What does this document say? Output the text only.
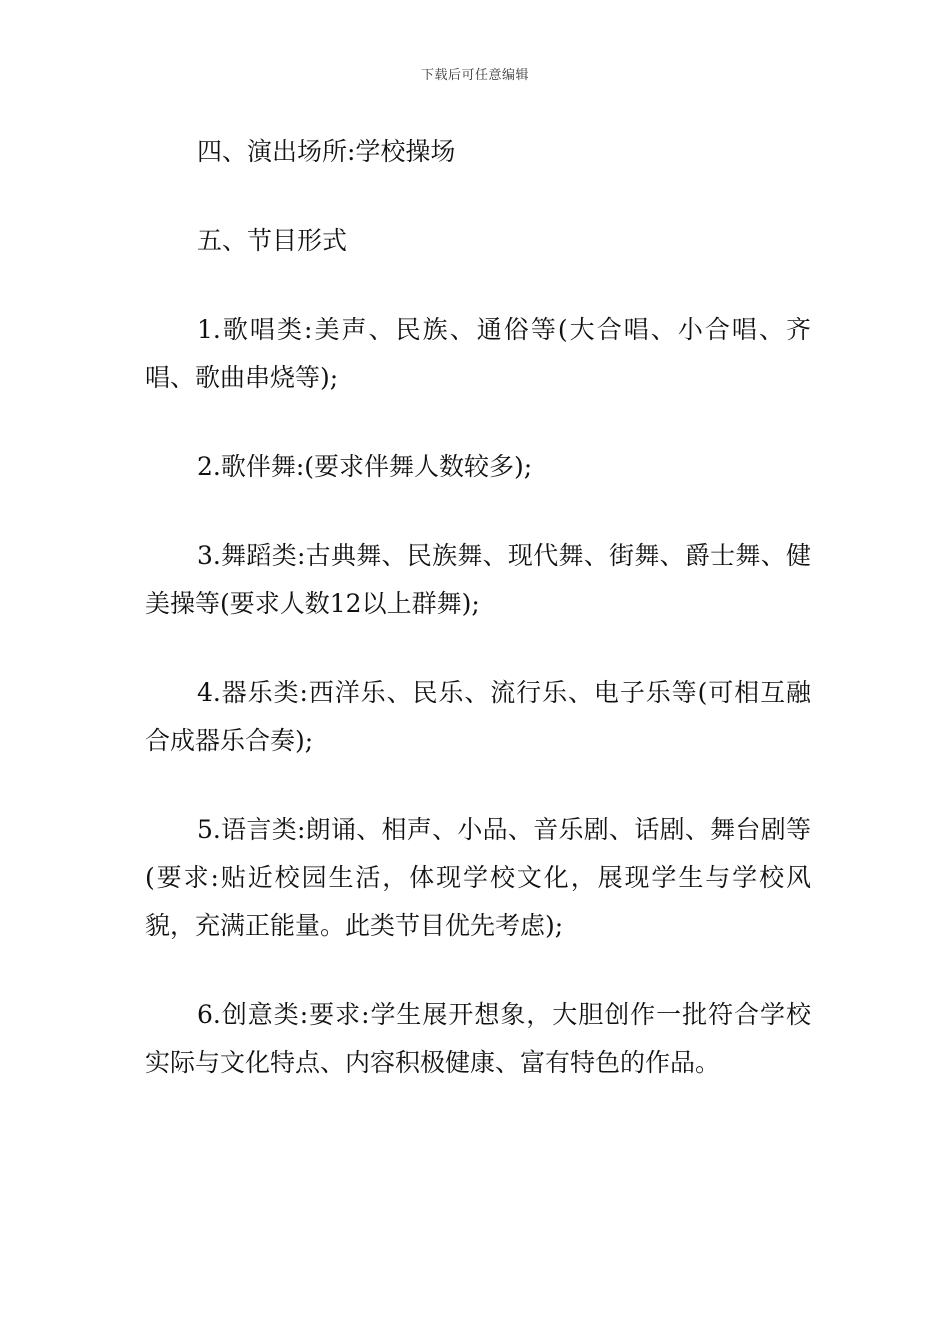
下载后可任意编辑

四、演出场所:学校操场

五、节目形式

1.歌唱类:美声、民族、通俗等(大合唱、小合唱、齐唱、歌曲串烧等);

2.歌伴舞:(要求伴舞人数较多);

3.舞蹈类:古典舞、民族舞、现代舞、街舞、爵士舞、健美操等(要求人数12以上群舞);

4.器乐类:西洋乐、民乐、流行乐、电子乐等(可相互融合成器乐合奏);

5.语言类:朗诵、相声、小品、音乐剧、话剧、舞台剧等(要求:贴近校园生活，体现学校文化，展现学生与学校风貌，充满正能量。此类节目优先考虑);

6.创意类:要求:学生展开想象，大胆创作一批符合学校实际与文化特点、内容积极健康、富有特色的作品。
